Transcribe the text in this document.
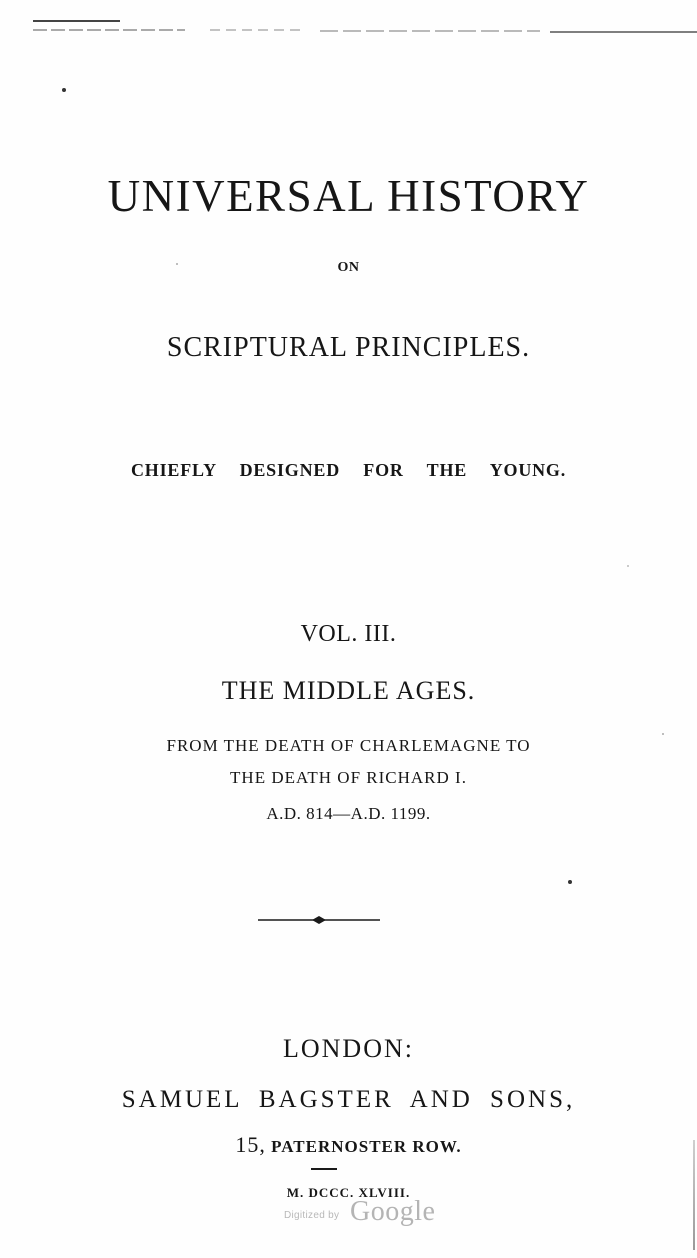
UNIVERSAL HISTORY

ON

SCRIPTURAL PRINCIPLES.

CHIEFLY DESIGNED FOR THE YOUNG.

VOL. III.

THE MIDDLE AGES.

FROM THE DEATH OF CHARLEMAGNE TO

THE DEATH OF RICHARD I.

A.D. 814—A.D. 1199.

LONDON:

SAMUEL BAGSTER AND SONS,

15, PATERNOSTER ROW.

M. DCCC. XLVIII.

Digitized by Google
